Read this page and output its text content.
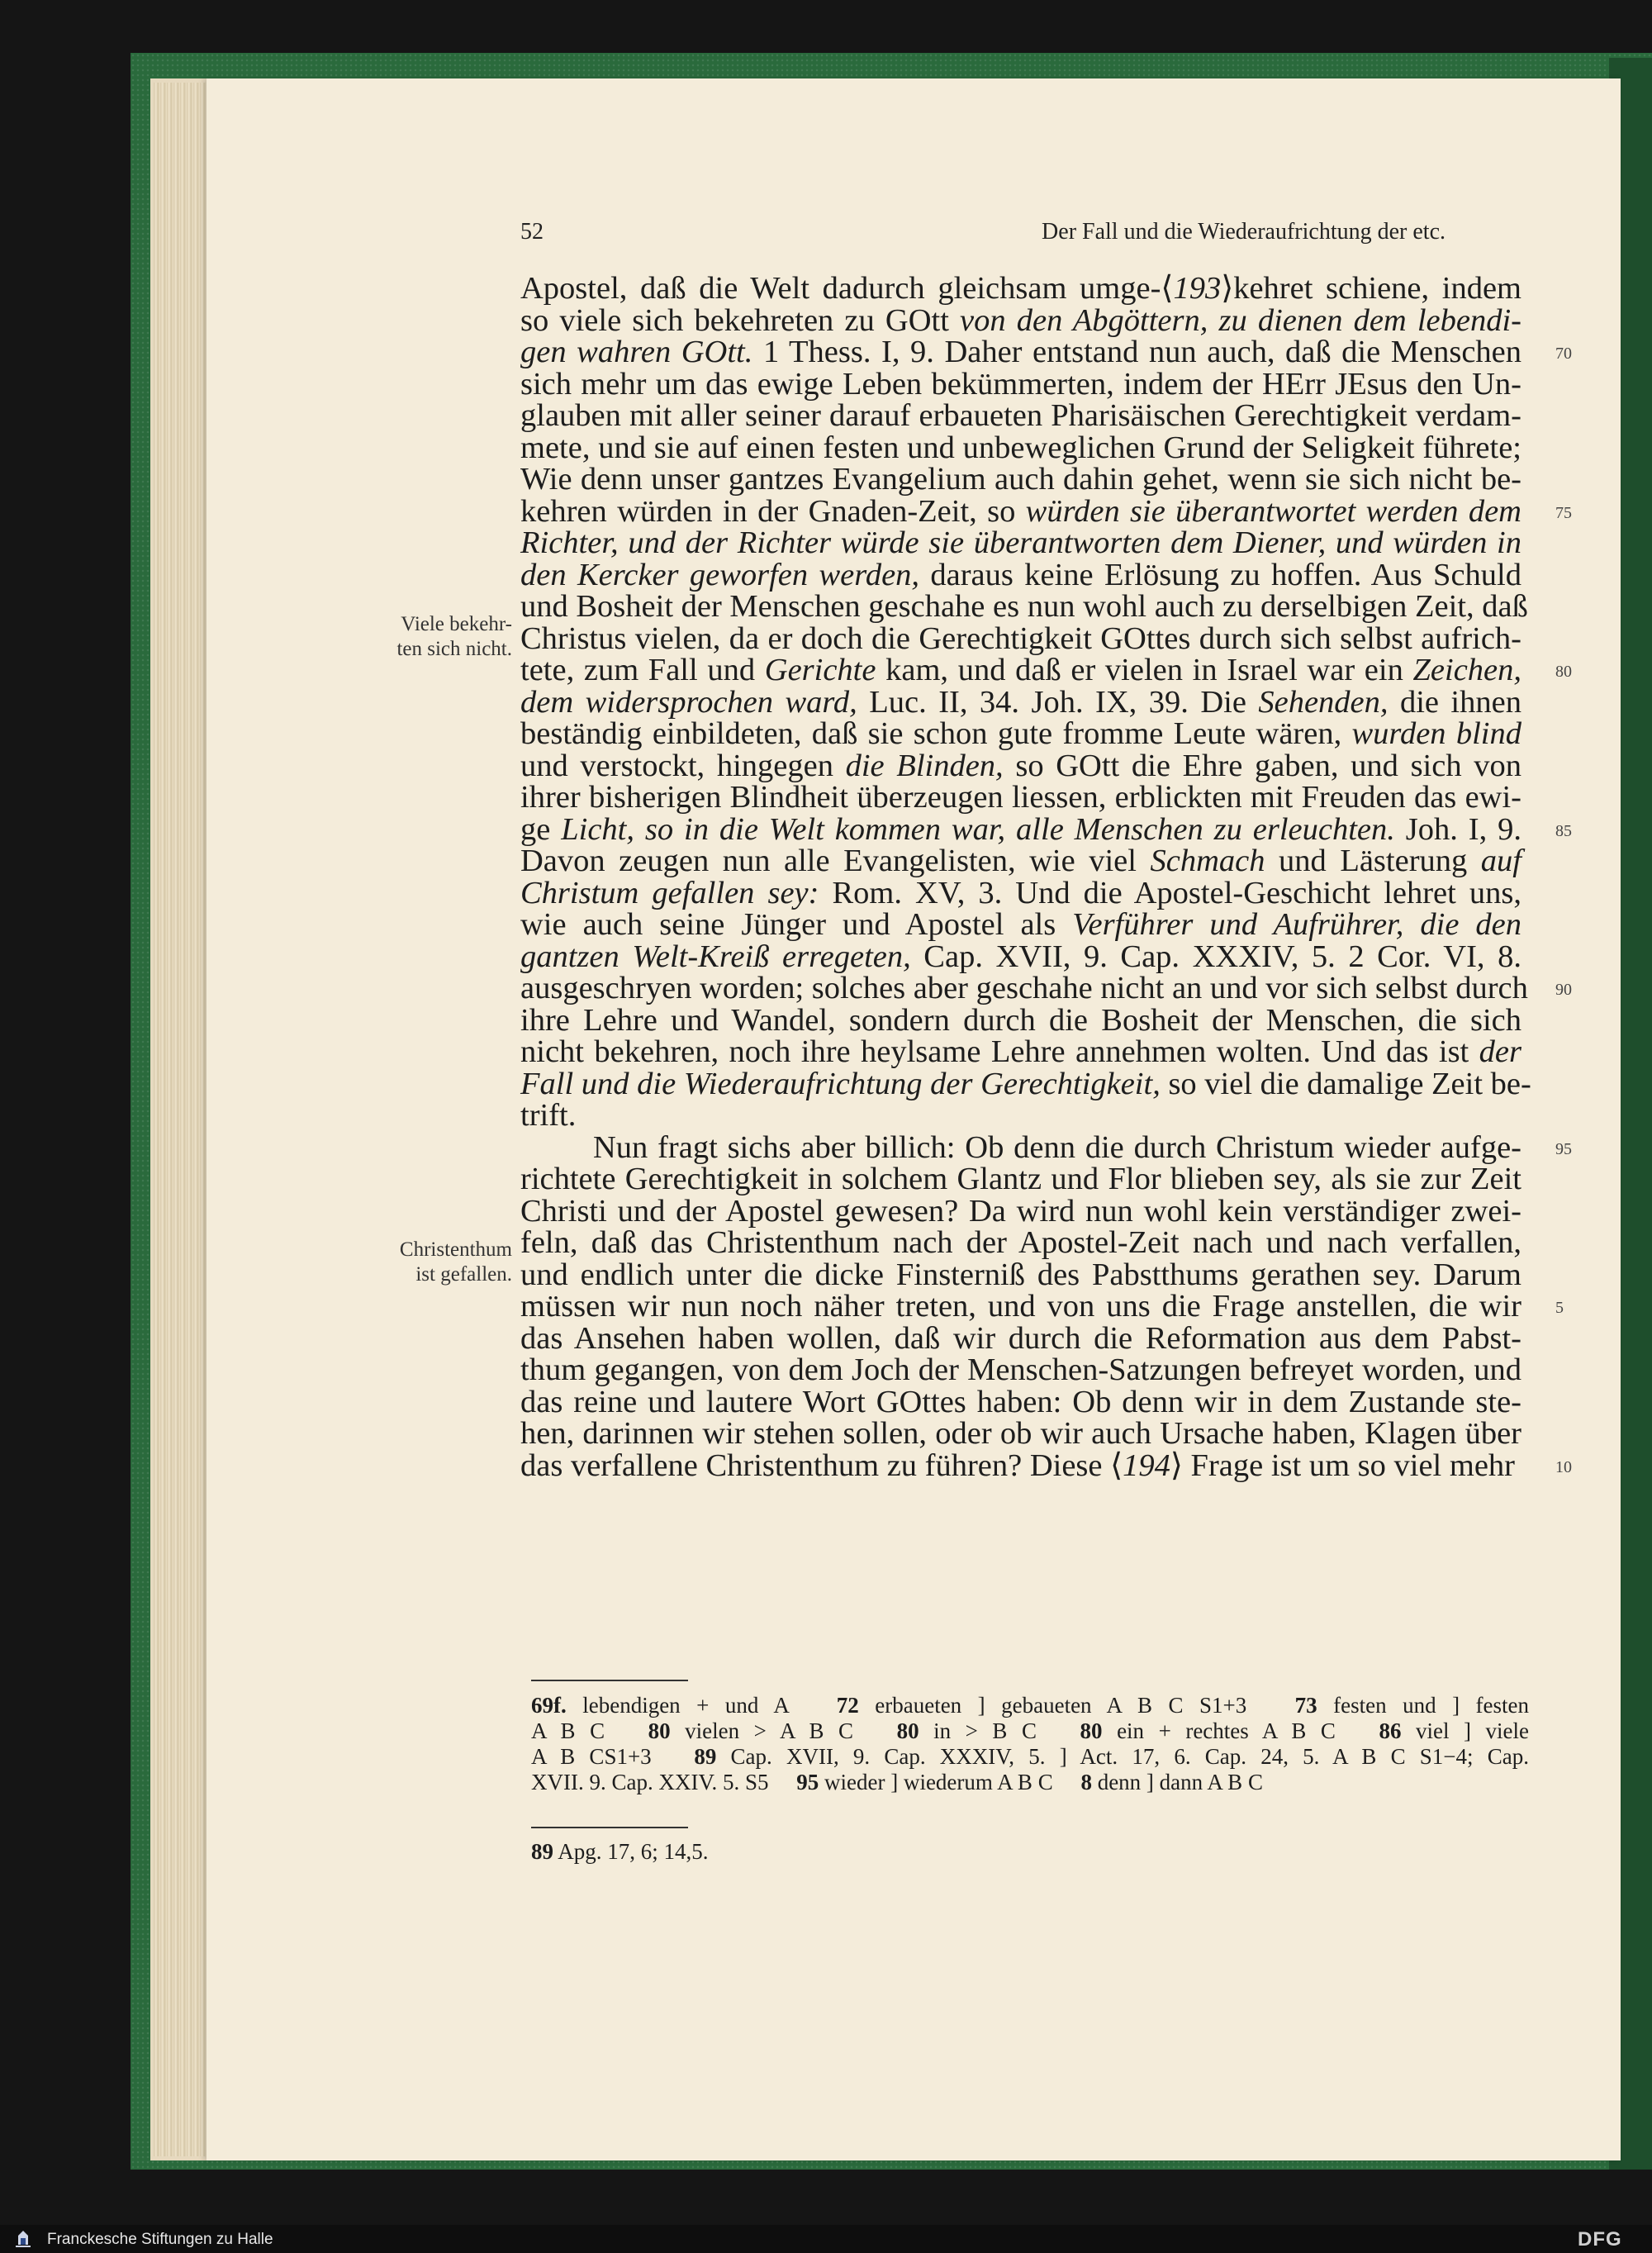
52	Der Fall und die Wiederaufrichtung der etc.
Apostel, daß die Welt dadurch gleichsam umge-⟨193⟩kehret schiene, indem
so viele sich bekehreten zu GOtt von den Abgöttern, zu dienen dem lebendi-
gen wahren GOtt. 1 Thess. I, 9. Daher entstand nun auch, daß die Menschen
sich mehr um das ewige Leben bekümmerten, indem der HErr JEsus den Un-
glauben mit aller seiner darauf erbaueten Pharisäischen Gerechtigkeit verdam-
mete, und sie auf einen festen und unbeweglichen Grund der Seligkeit führete;
Wie denn unser gantzes Evangelium auch dahin gehet, wenn sie sich nicht be-
kehren würden in der Gnaden-Zeit, so würden sie überantwortet werden dem
Richter, und der Richter würde sie überantworten dem Diener, und würden in
den Kercker geworfen werden, daraus keine Erlösung zu hoffen. Aus Schuld
und Bosheit der Menschen geschahe es nun wohl auch zu derselbigen Zeit, daß
Christus vielen, da er doch die Gerechtigkeit GOttes durch sich selbst aufrich-
tete, zum Fall und Gerichte kam, und daß er vielen in Israel war ein Zeichen,
dem widersprochen ward, Luc. II, 34. Joh. IX, 39. Die Sehenden, die ihnen
beständig einbildeten, daß sie schon gute fromme Leute wären, wurden blind
und verstockt, hingegen die Blinden, so GOtt die Ehre gaben, und sich von
ihrer bisherigen Blindheit überzeugen liessen, erblickten mit Freuden das ewi-
ge Licht, so in die Welt kommen war, alle Menschen zu erleuchten. Joh. I, 9.
Davon zeugen nun alle Evangelisten, wie viel Schmach und Lästerung auf
Christum gefallen sey: Rom. XV, 3. Und die Apostel-Geschicht lehret uns,
wie auch seine Jünger und Apostel als Verführer und Aufrührer, die den
gantzen Welt-Kreiß erregeten, Cap. XVII, 9. Cap. XXXIV, 5. 2 Cor. VI, 8.
ausgeschryen worden; solches aber geschahe nicht an und vor sich selbst durch
ihre Lehre und Wandel, sondern durch die Bosheit der Menschen, die sich
nicht bekehren, noch ihre heylsame Lehre annehmen wolten. Und das ist der
Fall und die Wiederaufrichtung der Gerechtigkeit, so viel die damalige Zeit be-
trift.
Nun fragt sichs aber billich: Ob denn die durch Christum wieder aufge-
richtete Gerechtigkeit in solchem Glantz und Flor blieben sey, als sie zur Zeit
Christi und der Apostel gewesen? Da wird nun wohl kein verständiger zwei-
feln, daß das Christenthum nach der Apostel-Zeit nach und nach verfallen,
und endlich unter die dicke Finsterniß des Pabstthums gerathen sey. Darum
müssen wir nun noch näher treten, und von uns die Frage anstellen, die wir
das Ansehen haben wollen, daß wir durch die Reformation aus dem Pabst-
thum gegangen, von dem Joch der Menschen-Satzungen befreyet worden, und
das reine und lautere Wort GOttes haben: Ob denn wir in dem Zustande ste-
hen, darinnen wir stehen sollen, oder ob wir auch Ursache haben, Klagen über
das verfallene Christenthum zu führen? Diese ⟨194⟩ Frage ist um so viel mehr
70
75
80
85
90
95
5
10
Viele bekehr-
ten sich nicht.
Christenthum
ist gefallen.
69f. lebendigen + und A   72 erbaueten ] gebaueten A B C S1+3   73 festen und ] festen
A B C   80 vielen > A B C   80 in > B C   80 ein + rechtes A B C   86 viel ] viele
A B CS1+3   89 Cap. XVII, 9. Cap. XXXIV, 5. ] Act. 17, 6. Cap. 24, 5. A B C S1−4; Cap.
XVII. 9. Cap. XXIV. 5. S5     95 wieder ] wiederum A B C     8 denn ] dann A B C
89 Apg. 17, 6; 14,5.
Franckesche Stiftungen zu Halle	DFG
